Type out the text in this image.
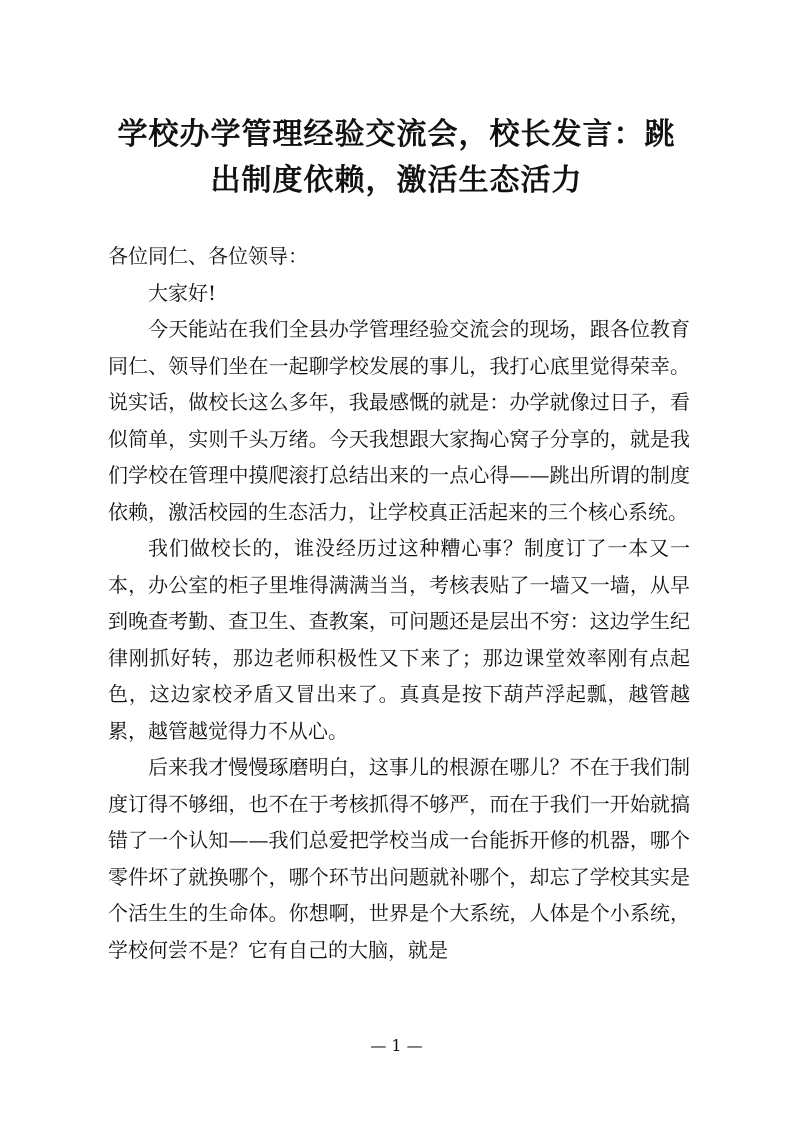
学校办学管理经验交流会，校长发言：跳
出制度依赖，激活生态活力

各位同仁、各位领导：

大家好!

今天能站在我们全县办学管理经验交流会的现场，跟各位教育同仁、领导们坐在一起聊学校发展的事儿，我打心底里觉得荣幸。说实话，做校长这么多年，我最感慨的就是：办学就像过日子，看似简单，实则千头万绪。今天我想跟大家掏心窝子分享的，就是我们学校在管理中摸爬滚打总结出来的一点心得——跳出所谓的制度依赖，激活校园的生态活力，让学校真正活起来的三个核心系统。

我们做校长的，谁没经历过这种糟心事？制度订了一本又一本，办公室的柜子里堆得满满当当，考核表贴了一墙又一墙，从早到晚查考勤、查卫生、查教案，可问题还是层出不穷：这边学生纪律刚抓好转，那边老师积极性又下来了；那边课堂效率刚有点起色，这边家校矛盾又冒出来了。真真是按下葫芦浮起瓢，越管越累，越管越觉得力不从心。

后来我才慢慢琢磨明白，这事儿的根源在哪儿？不在于我们制度订得不够细，也不在于考核抓得不够严，而在于我们一开始就搞错了一个认知——我们总爱把学校当成一台能拆开修的机器，哪个零件坏了就换哪个，哪个环节出问题就补哪个，却忘了学校其实是个活生生的生命体。你想啊，世界是个大系统，人体是个小系统，学校何尝不是？它有自己的大脑，就是

— 1 —
